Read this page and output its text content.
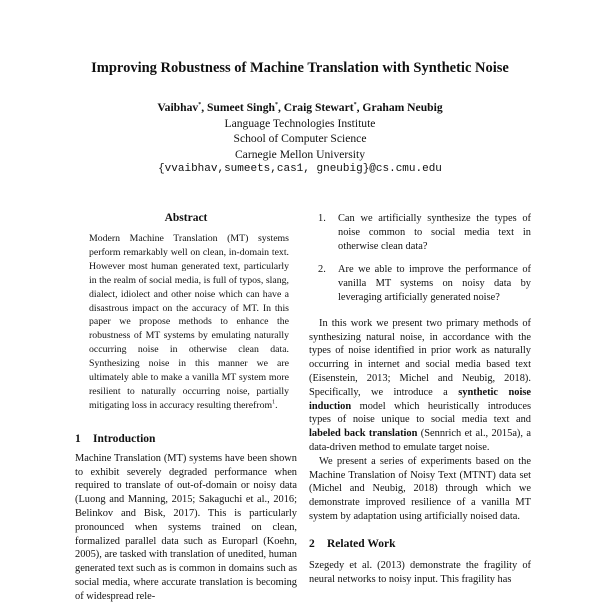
Improving Robustness of Machine Translation with Synthetic Noise
Vaibhav*, Sumeet Singh*, Craig Stewart*, Graham Neubig
Language Technologies Institute
School of Computer Science
Carnegie Mellon University
{vvaibhav,sumeets,cas1, gneubig}@cs.cmu.edu
Abstract

Modern Machine Translation (MT) systems perform remarkably well on clean, in-domain text. However most human generated text, particularly in the realm of social media, is full of typos, slang, dialect, idiolect and other noise which can have a disastrous impact on the accuracy of MT. In this paper we propose methods to enhance the robustness of MT systems by emulating naturally occurring noise in otherwise clean data. Synthesizing noise in this manner we are ultimately able to make a vanilla MT system more resilient to naturally occurring noise, partially mitigating loss in accuracy resulting therefrom$^1$.

1 Introduction

Machine Translation (MT) systems have been shown to exhibit severely degraded performance when required to translate of out-of-domain or noisy data (Luong and Manning, 2015; Sakaguchi et al., 2016; Belinkov and Bisk, 2017). This is particularly pronounced when systems trained on clean, formalized parallel data such as Europarl (Koehn, 2005), are tasked with translation of unedited, human generated text such as is common in domains such as social media, where accurate translation is becoming of widespread rele-

1.	Can we artificially synthesize the types of noise common to social media text in otherwise clean data?
2.	Are we able to improve the performance of vanilla MT systems on noisy data by leveraging artificially generated noise?

In this work we present two primary methods of synthesizing natural noise, in accordance with the types of noise identified in prior work as naturally occurring in internet and social media based text (Eisenstein, 2013; Michel and Neubig, 2018). Specifically, we introduce a synthetic noise induction model which heuristically introduces types of noise unique to social media text and labeled back translation (Sennrich et al., 2015a), a data-driven method to emulate target noise.

We present a series of experiments based on the Machine Translation of Noisy Text (MTNT) data set (Michel and Neubig, 2018) through which we demonstrate improved resilience of a vanilla MT system by adaptation using artificially noised data.

2 Related Work

Szegedy et al. (2013) demonstrate the fragility of neural networks to noisy input. This fragility has
